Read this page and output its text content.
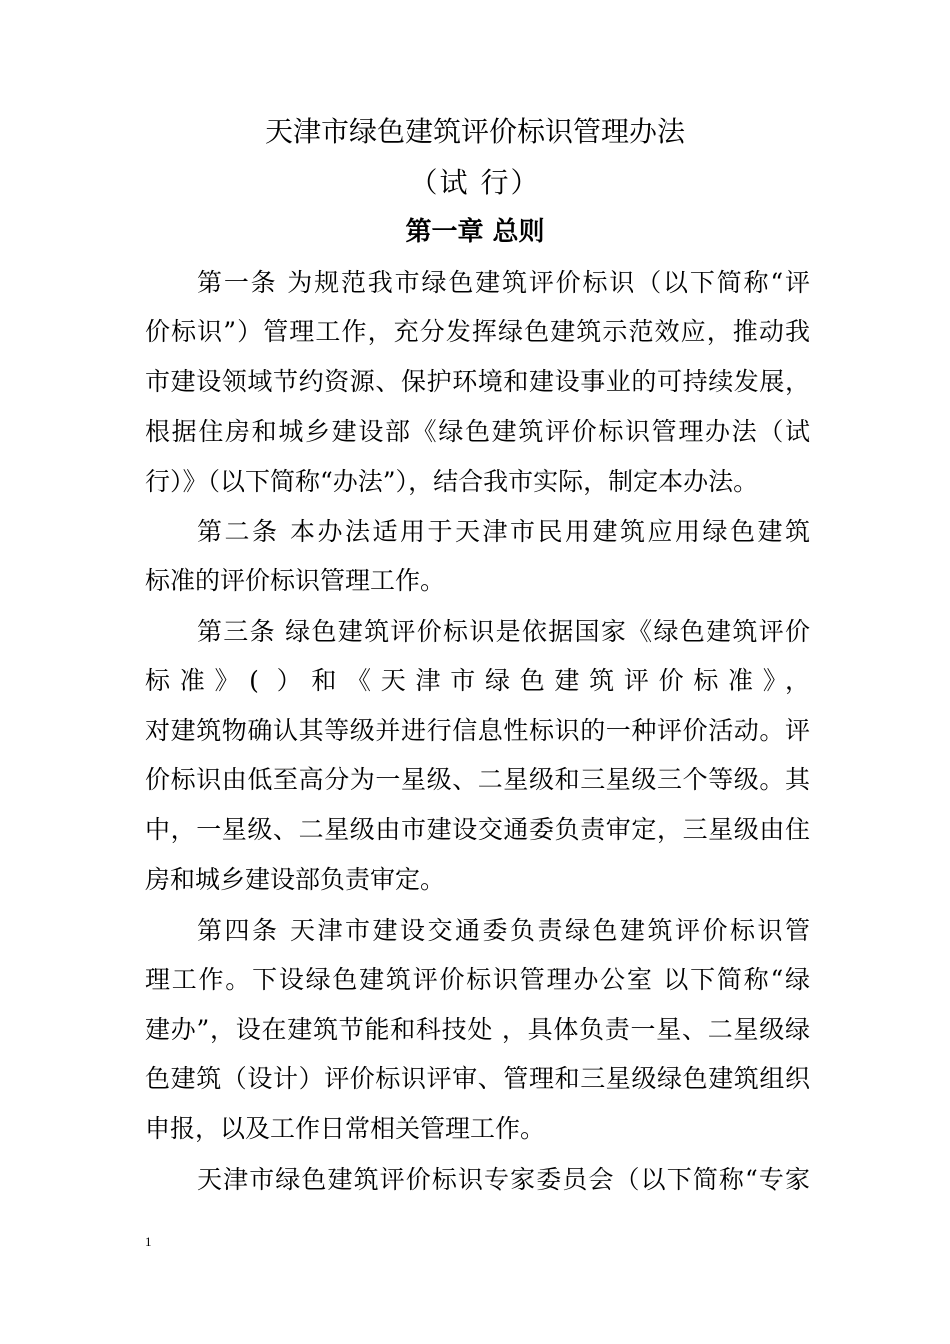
天津市绿色建筑评价标识管理办法
（试 行）
第一章 总则
第一条 为规范我市绿色建筑评价标识（以下简称“评
价标识”）管理工作，充分发挥绿色建筑示范效应，推动我
市建设领域节约资源、保护环境和建设事业的可持续发展，
根据住房和城乡建设部《绿色建筑评价标识管理办法（试
行）》（以下简称“办法”），结合我市实际，制定本办法。
第二条 本办法适用于天津市民用建筑应用绿色建筑
标准的评价标识管理工作。
第三条 绿色建筑评价标识是依据国家《绿色建筑评价
标准》( ）和《天津市绿色建筑评价标准》，
对建筑物确认其等级并进行信息性标识的一种评价活动。评
价标识由低至高分为一星级、二星级和三星级三个等级。其
中，一星级、二星级由市建设交通委负责审定，三星级由住
房和城乡建设部负责审定。
第四条 天津市建设交通委负责绿色建筑评价标识管
理工作。下设绿色建筑评价标识管理办公室 以下简称“绿
建办”，设在建筑节能和科技处 ，具体负责一星、二星级绿
色建筑（设计）评价标识评审、管理和三星级绿色建筑组织
申报，以及工作日常相关管理工作。
天津市绿色建筑评价标识专家委员会（以下简称“专家
1
